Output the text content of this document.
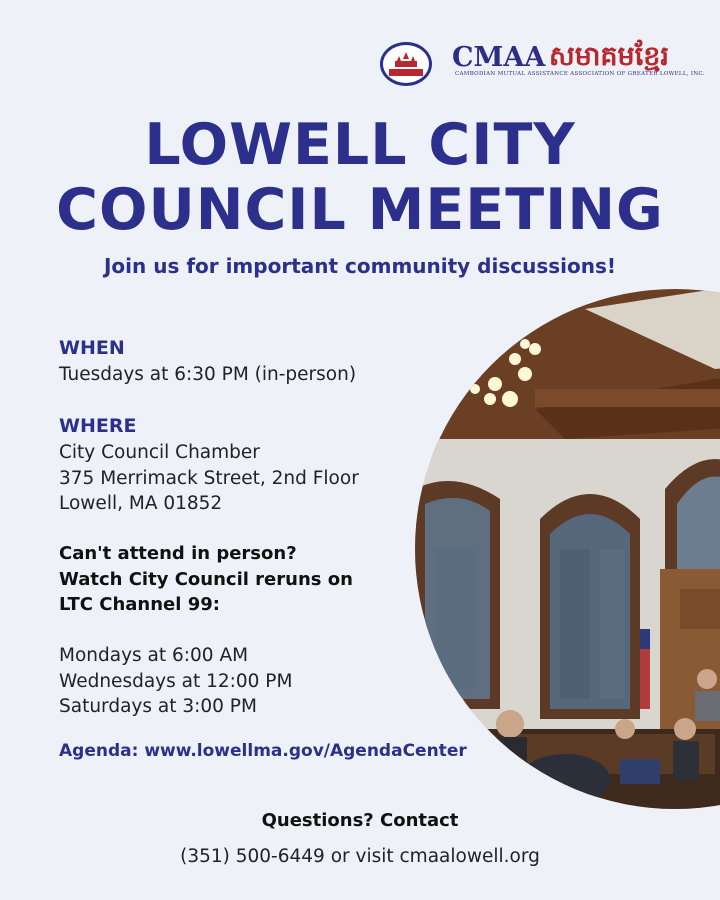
CMAA សមាគមខ្មែរ
CAMBODIAN MUTUAL ASSISTANCE ASSOCIATION OF GREATER LOWELL, INC.
LOWELL CITY
COUNCIL MEETING
Join us for important community discussions!
WHEN
Tuesdays at 6:30 PM (in-person)
WHERE
City Council Chamber
375 Merrimack Street, 2nd Floor
Lowell, MA 01852
Can't attend in person?
Watch City Council reruns on
LTC Channel 99:
Mondays at 6:00 AM
Wednesdays at 12:00 PM
Saturdays at 3:00 PM
Agenda: www.lowellma.gov/AgendaCenter
Questions? Contact
(351) 500-6449 or visit cmaalowell.org
